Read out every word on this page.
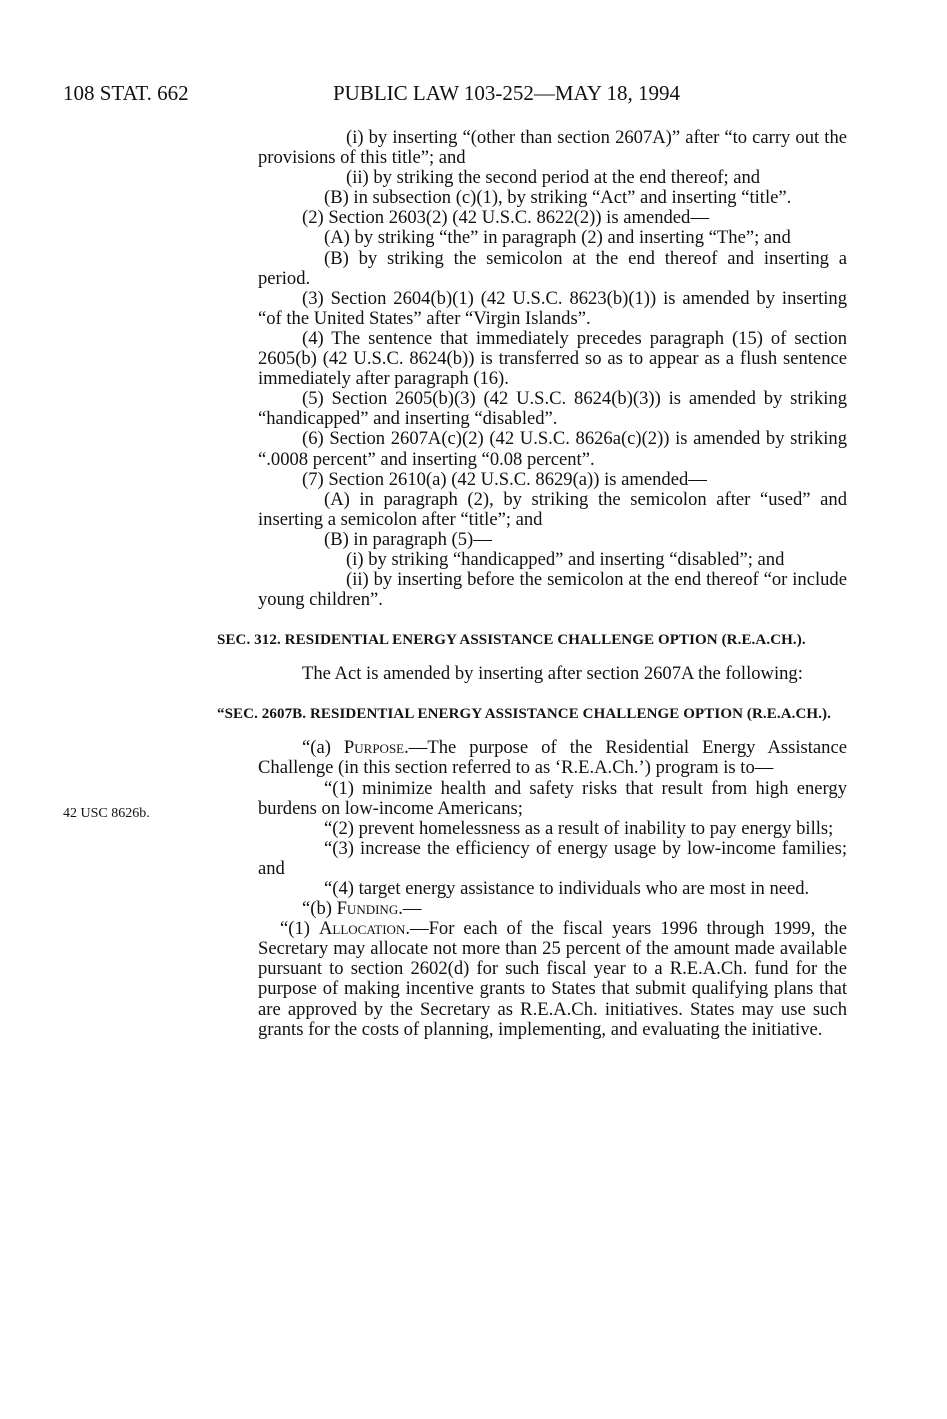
108 STAT. 662	PUBLIC LAW 103-252—MAY 18, 1994
42 USC 8626b.

(i) by inserting “(other than section 2607A)” after “to carry out the provisions of this title”; and

(ii) by striking the second period at the end thereof; and

(B) in subsection (c)(1), by striking “Act” and inserting “title”.

(2) Section 2603(2) (42 U.S.C. 8622(2)) is amended—

(A) by striking “the” in paragraph (2) and inserting “The”; and

(B) by striking the semicolon at the end thereof and inserting a period.

(3) Section 2604(b)(1) (42 U.S.C. 8623(b)(1)) is amended by inserting “of the United States” after “Virgin Islands”.

(4) The sentence that immediately precedes paragraph (15) of section 2605(b) (42 U.S.C. 8624(b)) is transferred so as to appear as a flush sentence immediately after paragraph (16).

(5) Section 2605(b)(3) (42 U.S.C. 8624(b)(3)) is amended by striking “handicapped” and inserting “disabled”.

(6) Section 2607A(c)(2) (42 U.S.C. 8626a(c)(2)) is amended by striking “.0008 percent” and inserting “0.08 percent”.

(7) Section 2610(a) (42 U.S.C. 8629(a)) is amended—

(A) in paragraph (2), by striking the semicolon after “used” and inserting a semicolon after “title”; and

(B) in paragraph (5)—

(i) by striking “handicapped” and inserting “disabled”; and

(ii) by inserting before the semicolon at the end thereof “or include young children”.

SEC. 312. RESIDENTIAL ENERGY ASSISTANCE CHALLENGE OPTION (R.E.A.CH.).

The Act is amended by inserting after section 2607A the following:

“SEC. 2607B. RESIDENTIAL ENERGY ASSISTANCE CHALLENGE OPTION (R.E.A.CH.).

“(a) Purpose.—The purpose of the Residential Energy Assistance Challenge (in this section referred to as ‘R.E.A.Ch.’) program is to—

“(1) minimize health and safety risks that result from high energy burdens on low-income Americans;

“(2) prevent homelessness as a result of inability to pay energy bills;

“(3) increase the efficiency of energy usage by low-income families; and

“(4) target energy assistance to individuals who are most in need.

“(b) Funding.—

“(1) Allocation.—For each of the fiscal years 1996 through 1999, the Secretary may allocate not more than 25 percent of the amount made available pursuant to section 2602(d) for such fiscal year to a R.E.A.Ch. fund for the purpose of making incentive grants to States that submit qualifying plans that are approved by the Secretary as R.E.A.Ch. initiatives. States may use such grants for the costs of planning, implementing, and evaluating the initiative.
